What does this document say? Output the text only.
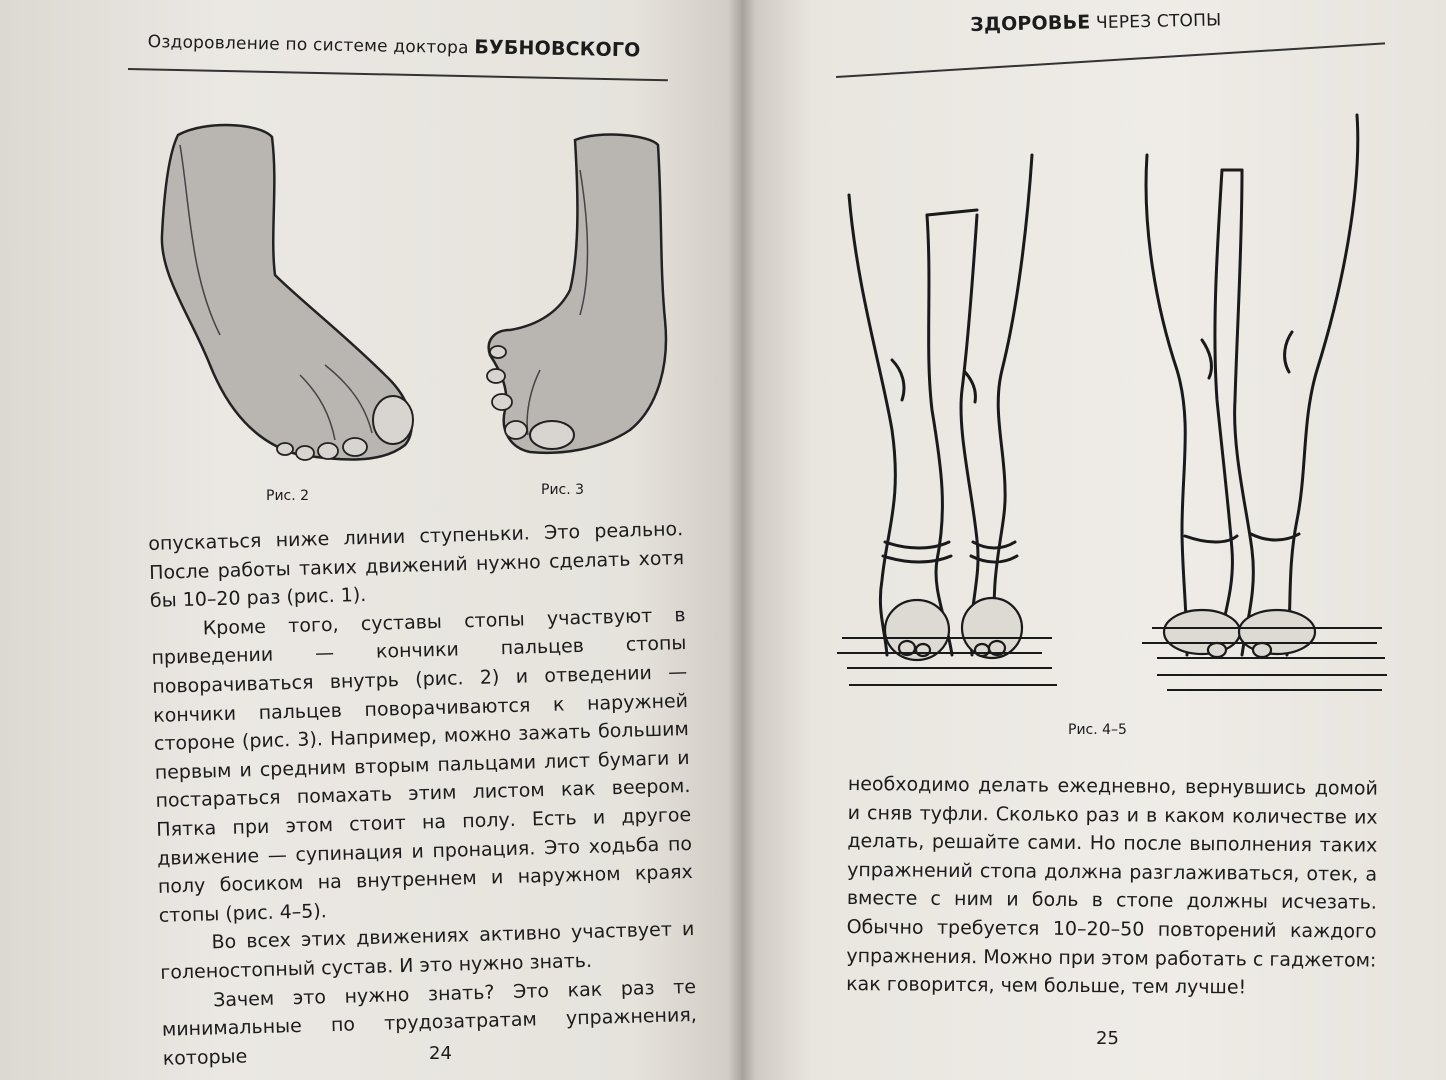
Оздоровление по системе доктора БУБНОВСКОГО
Рис. 2	Рис. 3

опускаться ниже линии ступеньки. Это реально. После работы таких движений нужно сделать хотя бы 10–20 раз (рис. 1).

Кроме того, суставы стопы участвуют в приведении — кончики пальцев стопы поворачиваться внутрь (рис. 2) и отведении — кончики пальцев поворачиваются к наружней стороне (рис. 3). Например, можно зажать большим первым и средним вторым пальцами лист бумаги и постараться помахать этим листом как веером. Пятка при этом стоит на полу. Есть и другое движение — супинация и пронация. Это ходьба по полу босиком на внутреннем и наружном краях стопы (рис. 4–5).

Во всех этих движениях активно участвует и голеностопный сустав. И это нужно знать.

Зачем это нужно знать? Это как раз те минимальные по трудозатратам упражнения, которые	24
ЗДОРОВЬЕ ЧЕРЕЗ СТОПЫ
Рис. 4–5

необходимо делать ежедневно, вернувшись домой и сняв туфли. Сколько раз и в каком количестве их делать, решайте сами. Но после выполнения таких упражнений стопа должна разглаживаться, отек, а вместе с ним и боль в стопе должны исчезать. Обычно требуется 10–20–50 повторений каждого упражнения. Можно при этом работать с гаджетом: как говорится, чем больше, тем лучше!

25
